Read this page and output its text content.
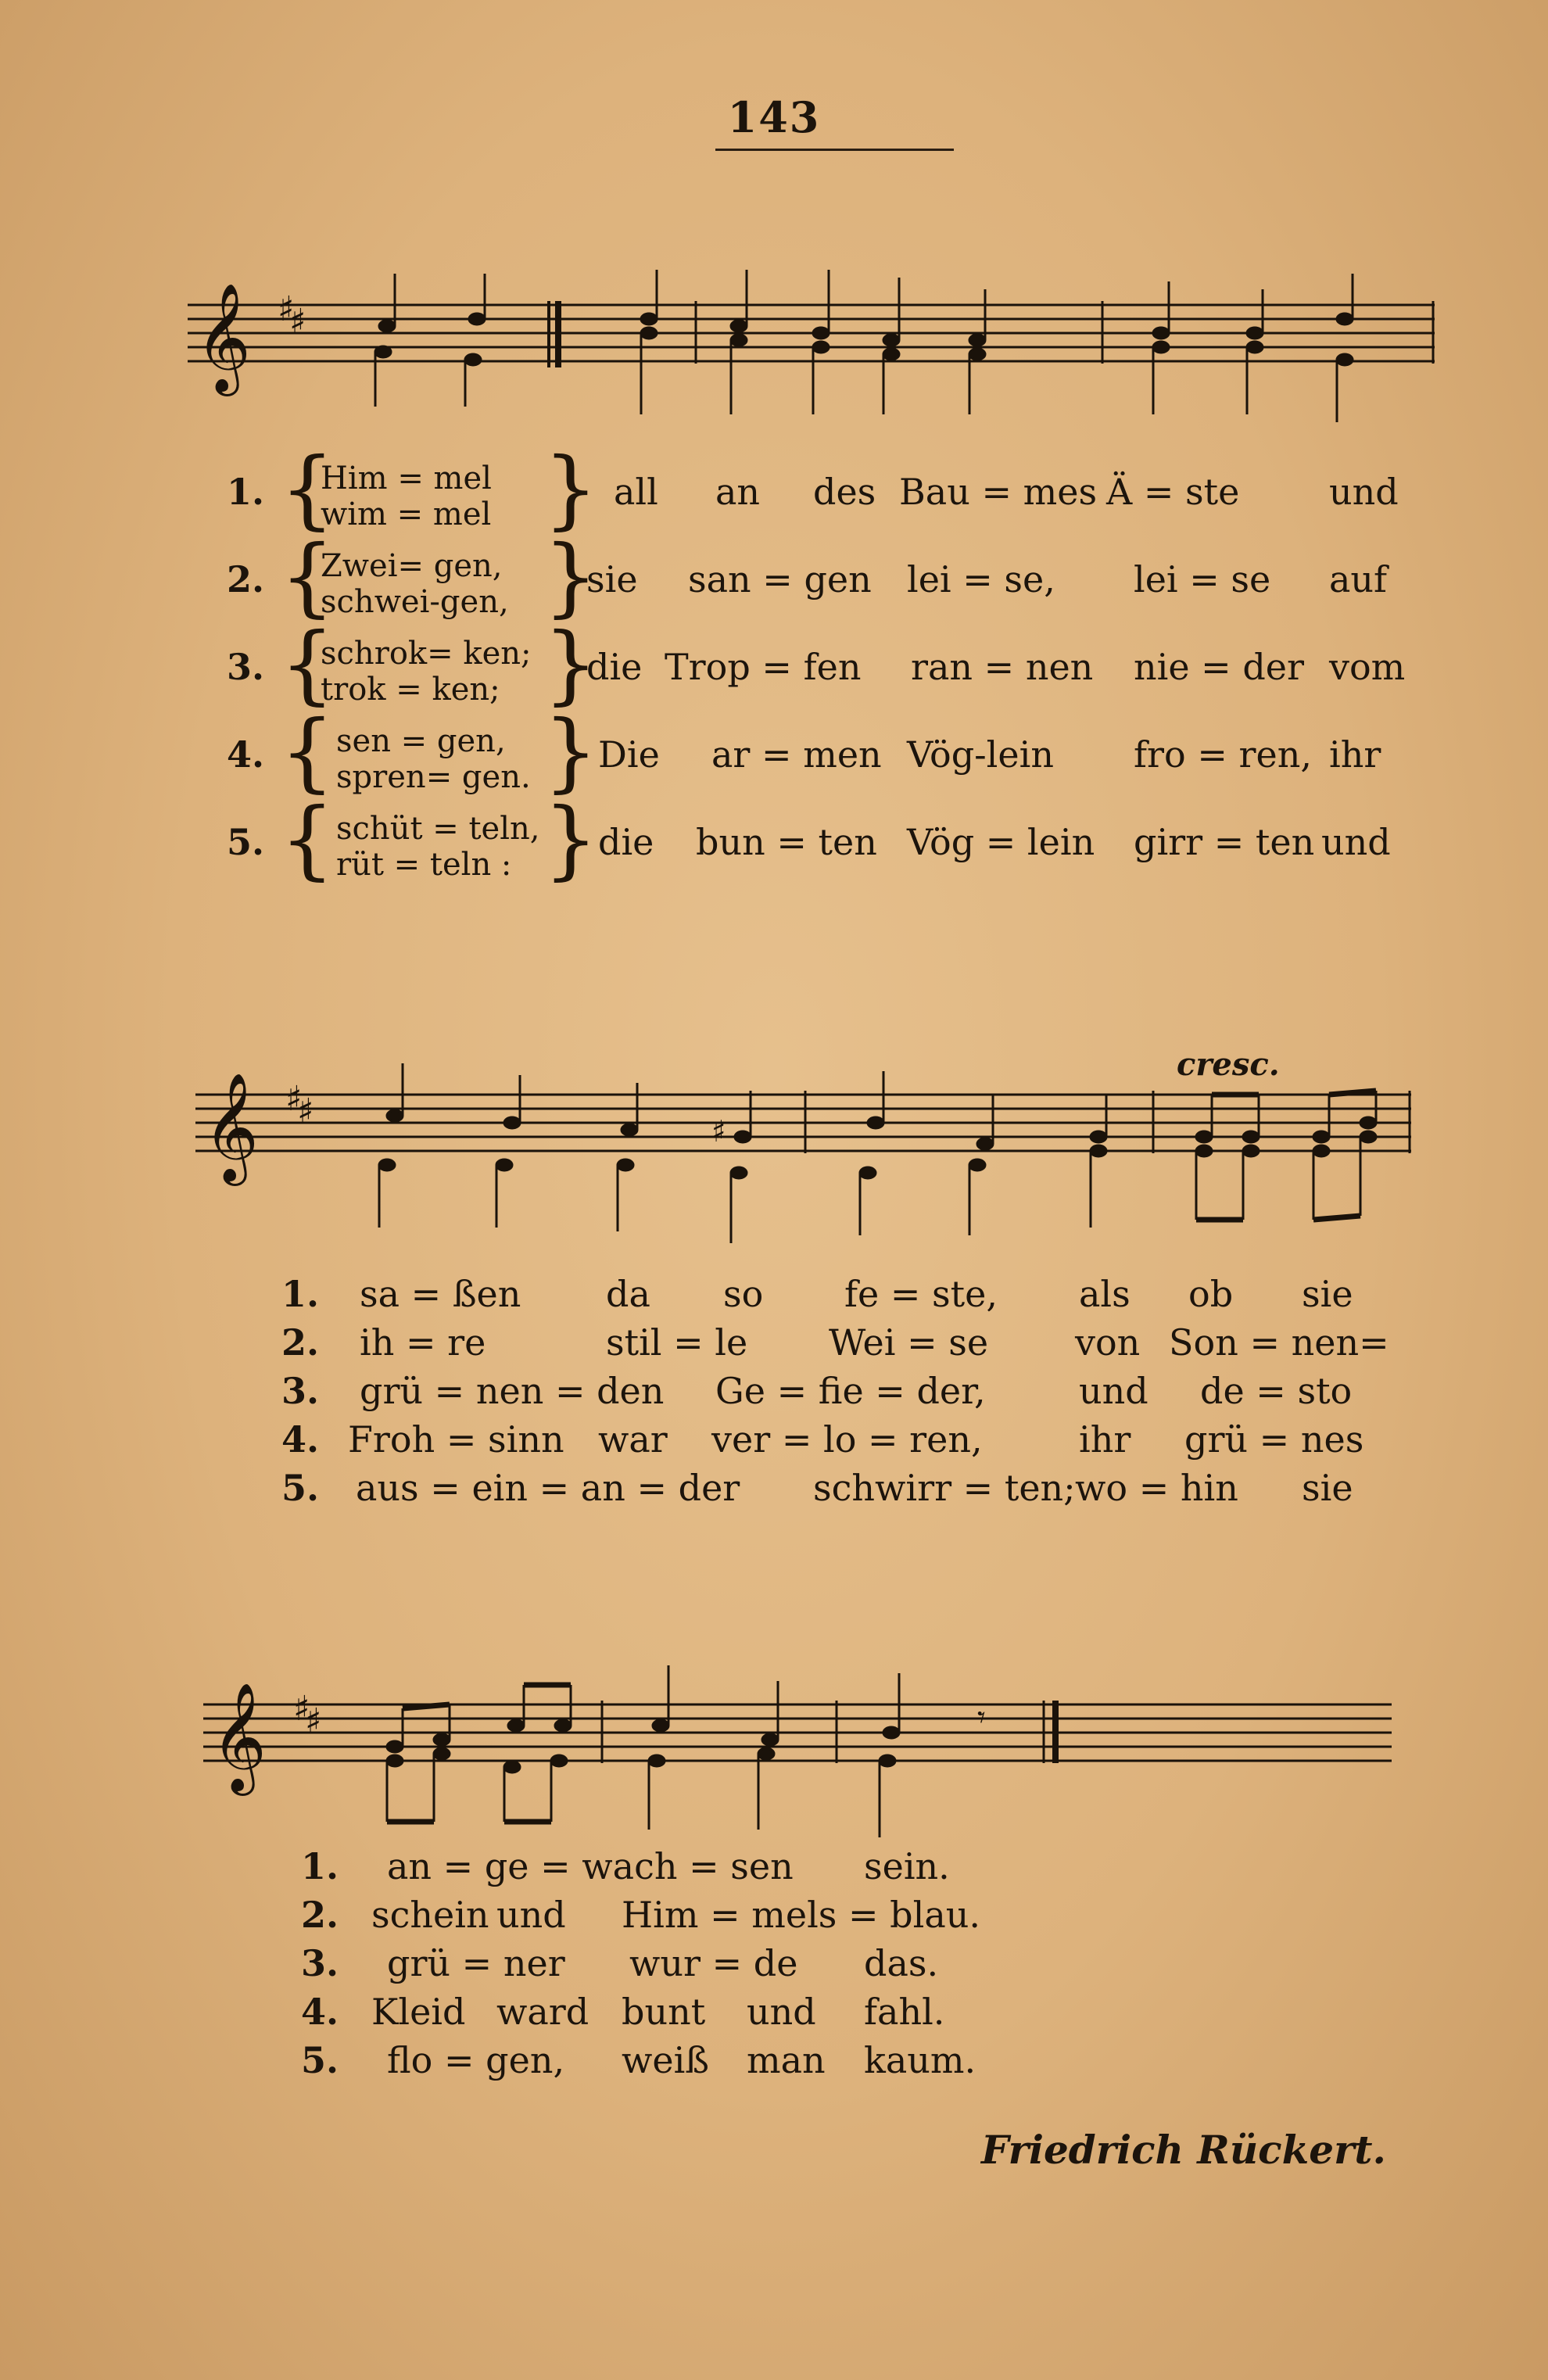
143
𝄞 ♯
♯
1. {
Him = mel
wim = mel } all an des Bau = mes Ä = ste und
2. {
Zwei= gen,
schwei-gen, }
sie san = gen lei = se, lei = se auf
3. {
schrok= ken;
trok = ken; }
die Trop = fen ran = nen nie = der vom
4. { sen = gen,
spren= gen. } Die ar = men Vög-lein fro = ren, ihr
5. { schüt = teln,
rüt = teln : } die bun = ten Vög = lein girr = ten und
cresc.
𝄞 ♯
♯	♯
1. sa = ßen da so fe = ste, als ob sie
2. ih = re	stil = le Wei = se von Son = nen=
3. grü = nen = den Ge = fie = der,	und de = sto
4. Froh = sinn war ver = lo = ren,	ihr grü = nes
5. aus = ein = an = der schwirr = ten; wo = hin sie
𝄞 ♯
♯	𝄾
1. an = ge = wach = sen sein.
2. schein und Him = mels = blau.
3. grü = ner wur = de das.
4. Kleid ward bunt und fahl.
5. flo = gen, weiß man kaum.
Friedrich Rückert.
